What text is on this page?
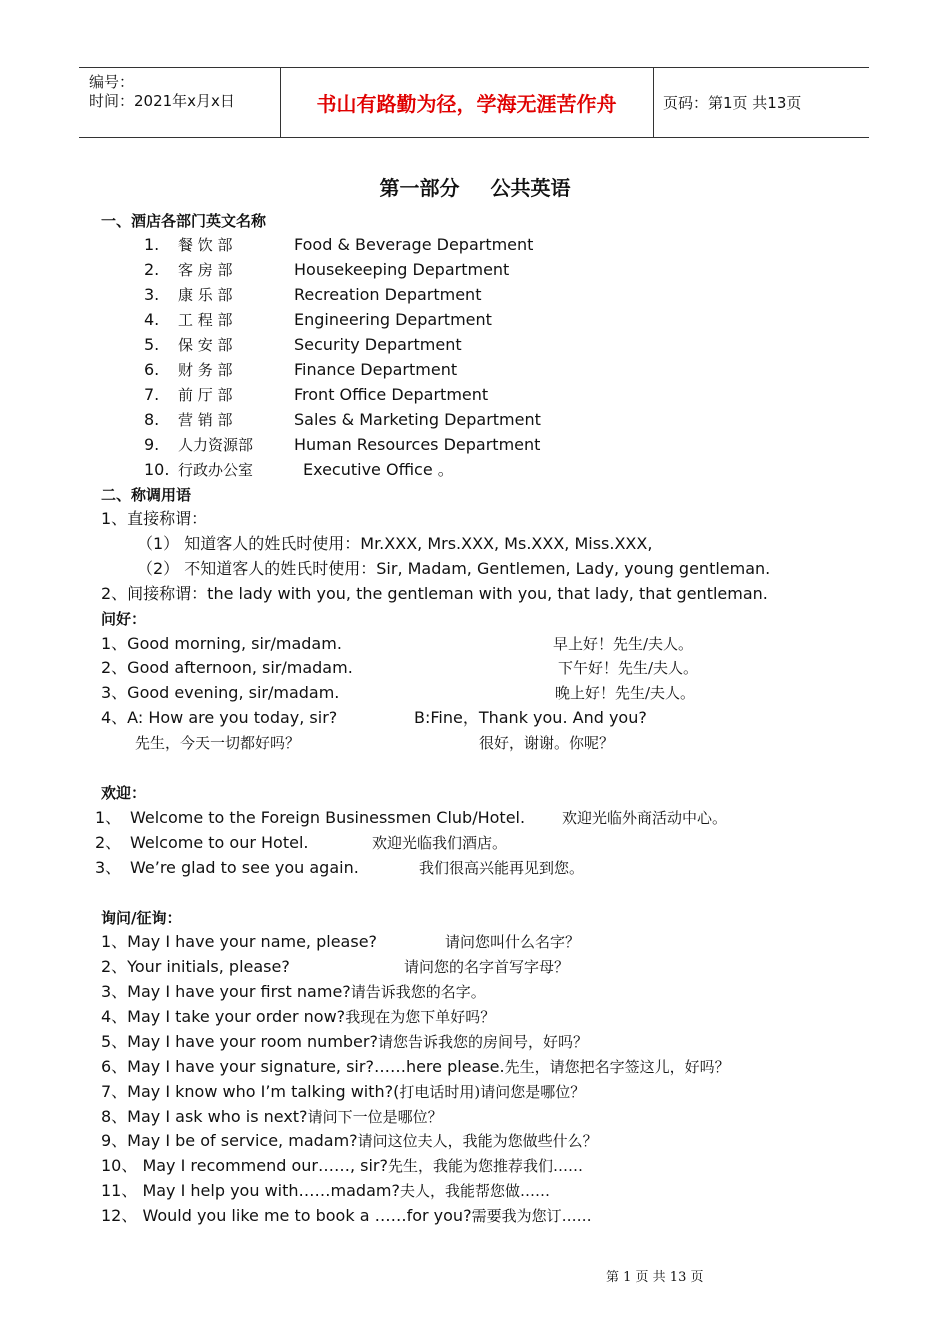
编号：
时间：2021年x月x日	书山有路勤为径，学海无涯苦作舟	页码：第1页 共13页
第一部分 公共英语
一、酒店各部门英文名称
1. 餐 饮 部	Food & Beverage Department
2. 客 房 部	Housekeeping Department
3. 康 乐 部	Recreation Department
4. 工 程 部	Engineering Department
5. 保 安 部	Security Department
6. 财 务 部	Finance Department
7. 前 厅 部	Front Office Department
8. 营 销 部	Sales & Marketing Department
9. 人力资源部	Human Resources Department
10. 行政办公室	Executive Office 。
二、称调用语
1、直接称谓：
（1） 知道客人的姓氏时使用：Mr.XXX, Mrs.XXX, Ms.XXX, Miss.XXX,
（2） 不知道客人的姓氏时使用：Sir, Madam, Gentlemen, Lady, young gentleman.
2、间接称谓：the lady with you, the gentleman with you, that lady, that gentleman.
问好：
1、Good morning, sir/madam.	早上好！先生/夫人。
2、Good afternoon, sir/madam.	下午好！先生/夫人。
3、Good evening, sir/madam.	晚上好！先生/夫人。
4、A: How are you today, sir?	B:Fine，Thank you. And you?
先生，今天一切都好吗？	很好，谢谢。你呢？
欢迎：
1、 Welcome to the Foreign Businessmen Club/Hotel. 欢迎光临外商活动中心。
2、 Welcome to our Hotel.	欢迎光临我们酒店。
3、 We’re glad to see you again.	我们很高兴能再见到您。
询问/征询：
1、May I have your name, please?	请问您叫什么名字？
2、Your initials, please?	请问您的名字首写字母？
3、May I have your first name?请告诉我您的名字。
4、May I take your order now?我现在为您下单好吗？
5、May I have your room number?请您告诉我您的房间号，好吗？
6、May I have your signature, sir?……here please.先生，请您把名字签这儿，好吗？
7、May I know who I’m talking with?(打电话时用)请问您是哪位？
8、May I ask who is next?请问下一位是哪位？
9、May I be of service, madam?请问这位夫人，我能为您做些什么？
10、 May I recommend our……, sir?先生，我能为您推荐我们……
11、 May I help you with……madam?夫人，我能帮您做……
12、 Would you like me to book a ……for you?需要我为您订……
第 1 页 共 13 页
